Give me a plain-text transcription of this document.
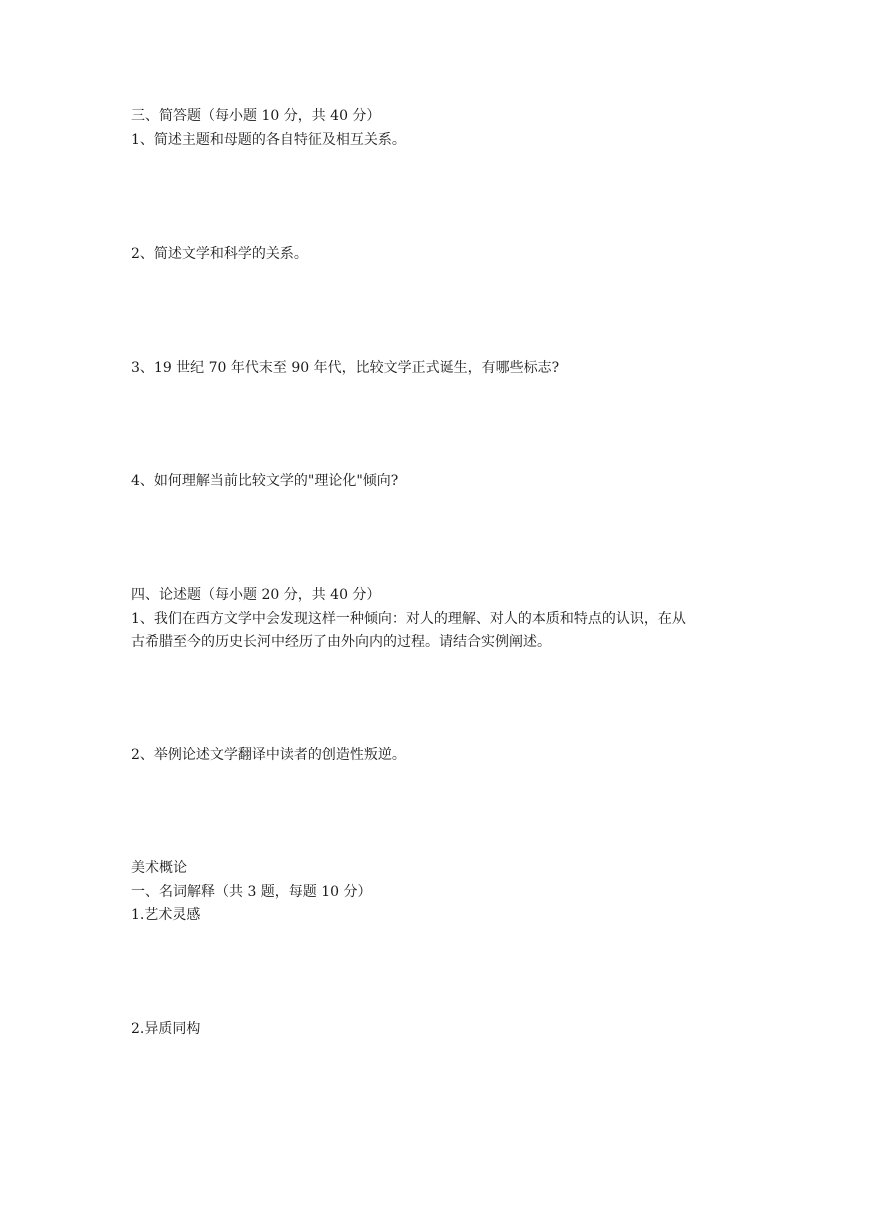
三、简答题（每小题 10 分，共 40 分）
1、简述主题和母题的各自特征及相互关系。
2、简述文学和科学的关系。
3、19 世纪 70 年代末至 90 年代，比较文学正式诞生，有哪些标志?
4、如何理解当前比较文学的"理论化"倾向?
四、论述题（每小题 20 分，共 40 分）
1、我们在西方文学中会发现这样一种倾向：对人的理解、对人的本质和特点的认识，在从
古希腊至今的历史长河中经历了由外向内的过程。请结合实例阐述。
2、举例论述文学翻译中读者的创造性叛逆。
美术概论
一、名词解释（共 3 题，每题 10 分）
1.艺术灵感
2.异质同构
